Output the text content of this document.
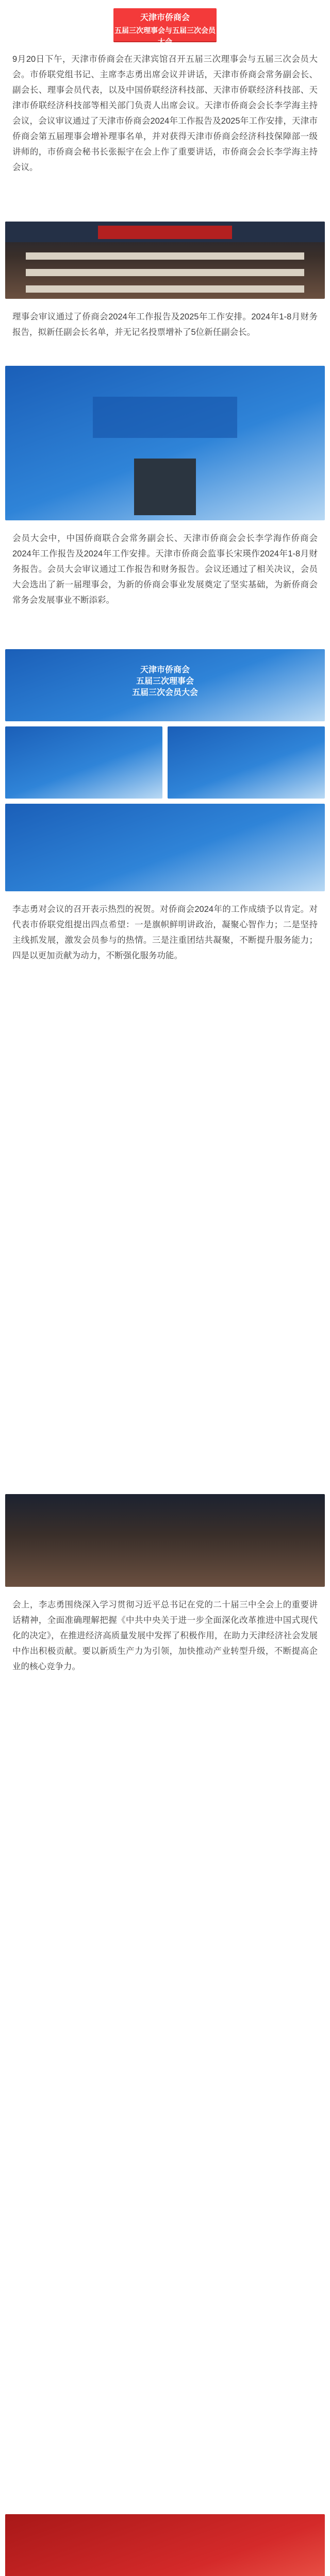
天津市侨商会
五届三次理事会与五届三次会员大会
9月20日下午，天津市侨商会在天津宾馆召开五届三次理事会与五届三次会员大会。市侨联党组书记、主席李志勇出席会议并讲话，天津市侨商会常务副会长、副会长、理事会员代表，以及中国侨联经济科技部、天津市侨联经济科技部、天津市侨联经济科技部等相关部门负责人出席会议。天津市侨商会会长李学海主持会议，会议审议通过了天津市侨商会2024年工作报告及2025年工作安排，天津市侨商会第五届理事会增补理事名单，并对获得天津市侨商会经济科技保障部一级讲师的，市侨商会秘书长张振宇在会上作了重要讲话，市侨商会会长李学海主持会议。
理事会审议通过了侨商会2024年工作报告及2025年工作安排。2024年1-8月财务报告，拟新任副会长名单，并无记名投票增补了5位新任副会长。
会员大会中，中国侨商联合会常务副会长、天津市侨商会会长李学海作侨商会2024年工作报告及2024年工作安排。天津市侨商会监事长宋瑛作2024年1-8月财务报告。会员大会审议通过工作报告和财务报告。会议还通过了相关决议，会员大会选出了新一届理事会，为新的侨商会事业发展奠定了坚实基础，为新侨商会常务会发展事业不断添彩。
天津市侨商会
五届三次理事会
五届三次会员大会
李志勇对会议的召开表示热烈的祝贺。对侨商会2024年的工作成绩予以肯定。对代表市侨联党组提出四点希望：一是旗帜鲜明讲政治，凝聚心智作力；二是坚持主线抓发展，激发会员参与的热情。三是注重团结共凝聚，不断提升服务能力；四是以更加贡献为动力，不断强化服务功能。
会上，李志勇围绕深入学习贯彻习近平总书记在党的二十届三中全会上的重要讲话精神，全面准确理解把握《中共中央关于进一步全面深化改革推进中国式现代化的决定》，在推进经济高质量发展中发挥了积极作用，在助力天津经济社会发展中作出积极贡献。要以新质生产力为引领，加快推动产业转型升级，不断提高企业的核心竞争力。
